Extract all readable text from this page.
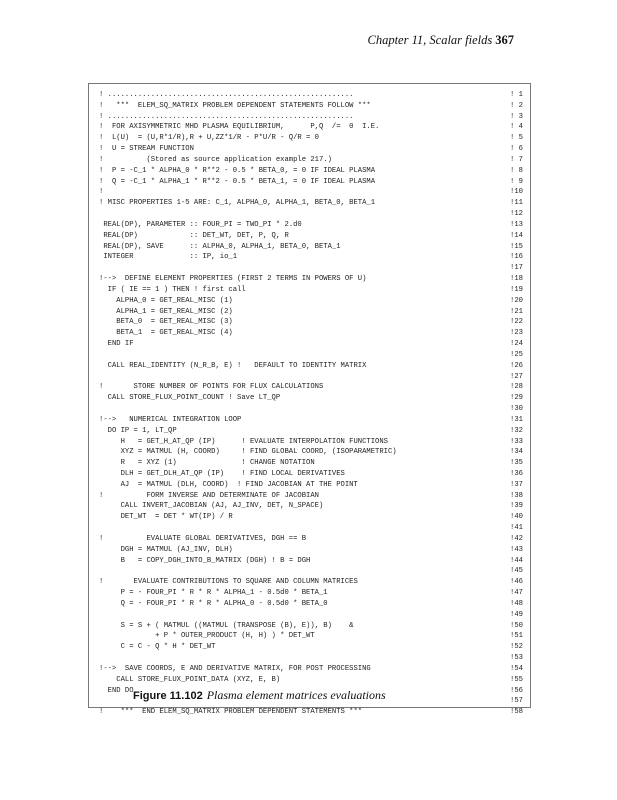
Chapter 11, Scalar fields 367
! .........................................................	! 1
!   ***  ELEM_SQ_MATRIX PROBLEM DEPENDENT STATEMENTS FOLLOW ***	! 2
! .........................................................	! 3
!  FOR AXISYMMETRIC MHD PLASMA EQUILIBRIUM,      P,Q  /=  0  I.E.	! 4
!  L(U)  = (U,R*1/R),R + U,ZZ*1/R - P*U/R - Q/R = 0	! 5
!  U = STREAM FUNCTION	! 6
!          (Stored as source application example 217.)	! 7
!  P = -C_1 * ALPHA_0 * R**2 - 0.5 * BETA_0, = 0 IF IDEAL PLASMA	! 8
!  Q = -C_1 * ALPHA_1 * R**2 - 0.5 * BETA_1, = 0 IF IDEAL PLASMA	! 9
!	!10
! MISC PROPERTIES 1-5 ARE: C_1, ALPHA_0, ALPHA_1, BETA_0, BETA_1	!11
!12
REAL(DP), PARAMETER :: FOUR_PI = TWO_PI * 2.d0	!13
REAL(DP)            :: DET_WT, DET, P, Q, R	!14
REAL(DP), SAVE      :: ALPHA_0, ALPHA_1, BETA_0, BETA_1	!15
INTEGER             :: IP, io_1	!16
!17
!-->  DEFINE ELEMENT PROPERTIES (FIRST 2 TERMS IN POWERS OF U)	!18
IF ( IE == 1 ) THEN ! first call	!19
ALPHA_0 = GET_REAL_MISC (1)	!20
ALPHA_1 = GET_REAL_MISC (2)	!21
BETA_0  = GET_REAL_MISC (3)	!22
BETA_1  = GET_REAL_MISC (4)	!23
END IF	!24
!25
CALL REAL_IDENTITY (N_R_B, E) !   DEFAULT TO IDENTITY MATRIX	!26
!27
!       STORE NUMBER OF POINTS FOR FLUX CALCULATIONS	!28
CALL STORE_FLUX_POINT_COUNT ! Save LT_QP	!29
!30
!-->   NUMERICAL INTEGRATION LOOP	!31
DO IP = 1, LT_QP	!32
H   = GET_H_AT_QP (IP)      ! EVALUATE INTERPOLATION FUNCTIONS	!33
XYZ = MATMUL (H, COORD)     ! FIND GLOBAL COORD, (ISOPARAMETRIC)	!34
R   = XYZ (1)               ! CHANGE NOTATION	!35
DLH = GET_DLH_AT_QP (IP)    ! FIND LOCAL DERIVATIVES	!36
AJ  = MATMUL (DLH, COORD)  ! FIND JACOBIAN AT THE POINT	!37
!          FORM INVERSE AND DETERMINATE OF JACOBIAN	!38
CALL INVERT_JACOBIAN (AJ, AJ_INV, DET, N_SPACE)	!39
DET_WT  = DET * WT(IP) / R	!40
!41
!          EVALUATE GLOBAL DERIVATIVES, DGH == B	!42
DGH = MATMUL (AJ_INV, DLH)	!43
B   = COPY_DGH_INTO_B_MATRIX (DGH) ! B = DGH	!44
!45
!       EVALUATE CONTRIBUTIONS TO SQUARE AND COLUMN MATRICES	!46
P = - FOUR_PI * R * R * ALPHA_1 - 0.5d0 * BETA_1	!47
Q = - FOUR_PI * R * R * ALPHA_0 - 0.5d0 * BETA_0	!48
!49
S = S + ( MATMUL ((MATMUL (TRANSPOSE (B), E)), B)    &	!50
+ P * OUTER_PRODUCT (H, H) ) * DET_WT	!51
C = C - Q * H * DET_WT	!52
!53
!-->  SAVE COORDS, E AND DERIVATIVE MATRIX, FOR POST PROCESSING	!54
CALL STORE_FLUX_POINT_DATA (XYZ, E, B)	!55
END DO	!56
!57
!    ***  END ELEM_SQ_MATRIX PROBLEM DEPENDENT STATEMENTS ***	!58
Figure 11.102 Plasma element matrices evaluations
